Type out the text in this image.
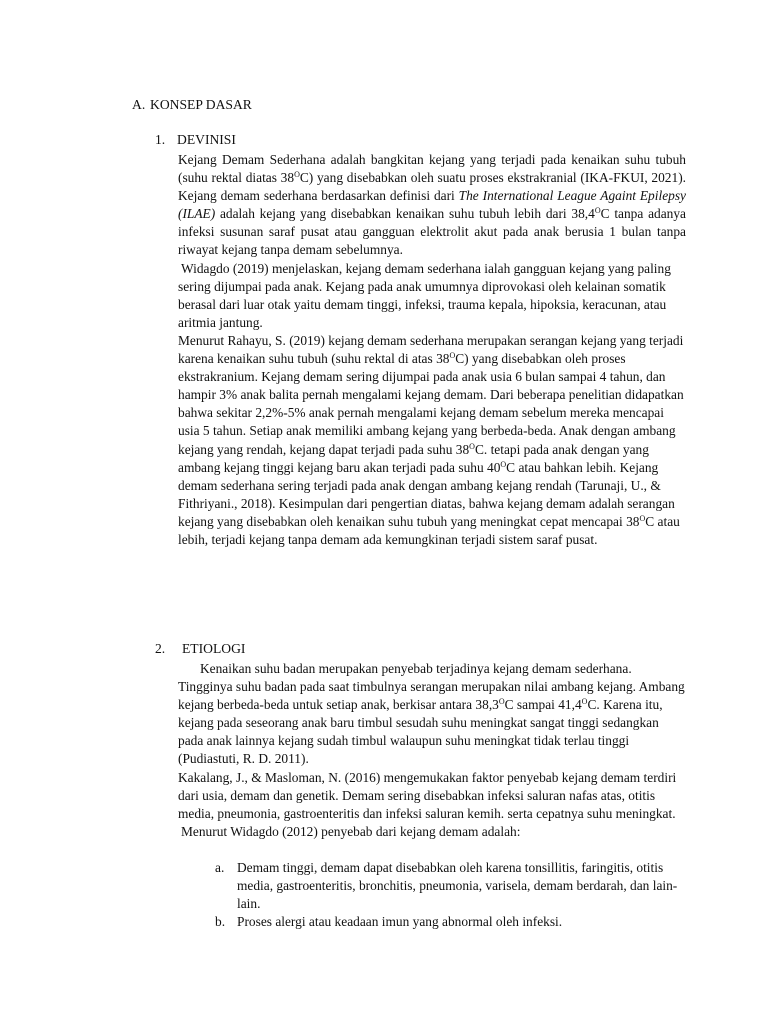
A. KONSEP DASAR
1. DEVINISI

Kejang Demam Sederhana adalah bangkitan kejang yang terjadi pada kenaikan suhu tubuh (suhu rektal diatas $38^OC$) yang disebabkan oleh suatu proses ekstrakranial (IKA-FKUI, 2021). Kejang demam sederhana berdasarkan definisi dari The International League Againt Epilepsy (ILAE) adalah kejang yang disebabkan kenaikan suhu tubuh lebih dari $38,4^OC$ tanpa adanya infeksi susunan saraf pusat atau gangguan elektrolit akut pada anak berusia 1 bulan tanpa riwayat kejang tanpa demam sebelumnya.

Widagdo (2019) menjelaskan, kejang demam sederhana ialah gangguan kejang yang paling sering dijumpai pada anak. Kejang pada anak umumnya diprovokasi oleh kelainan somatik berasal dari luar otak yaitu demam tinggi, infeksi, trauma kepala, hipoksia, keracunan, atau aritmia jantung.

Menurut Rahayu, S. (2019) kejang demam sederhana merupakan serangan kejang yang terjadi karena kenaikan suhu tubuh (suhu rektal di atas $38^OC$) yang disebabkan oleh proses ekstrakranium. Kejang demam sering dijumpai pada anak usia 6 bulan sampai 4 tahun, dan hampir 3% anak balita pernah mengalami kejang demam. Dari beberapa penelitian didapatkan bahwa sekitar 2,2%-5% anak pernah mengalami kejang demam sebelum mereka mencapai usia 5 tahun. Setiap anak memiliki ambang kejang yang berbeda-beda. Anak dengan ambang kejang yang rendah, kejang dapat terjadi pada suhu $38^OC$. tetapi pada anak dengan yang ambang kejang tinggi kejang baru akan terjadi pada suhu $40^OC$ atau bahkan lebih. Kejang demam sederhana sering terjadi pada anak dengan ambang kejang rendah (Tarunaji, U., & Fithriyani., 2018). Kesimpulan dari pengertian diatas, bahwa kejang demam adalah serangan kejang yang disebabkan oleh kenaikan suhu tubuh yang meningkat cepat mencapai $38^OC$ atau lebih, terjadi kejang tanpa demam ada kemungkinan terjadi sistem saraf pusat.

2. ETIOLOGI

Kenaikan suhu badan merupakan penyebab terjadinya kejang demam sederhana. Tingginya suhu badan pada saat timbulnya serangan merupakan nilai ambang kejang. Ambang kejang berbeda-beda untuk setiap anak, berkisar antara $38,3^OC$ sampai $41,4^OC$. Karena itu, kejang pada seseorang anak baru timbul sesudah suhu meningkat sangat tinggi sedangkan pada anak lainnya kejang sudah timbul walaupun suhu meningkat tidak terlau tinggi (Pudiastuti, R. D. 2011).

Kakalang, J., & Masloman, N. (2016) mengemukakan faktor penyebab kejang demam terdiri dari usia, demam dan genetik. Demam sering disebabkan infeksi saluran nafas atas, otitis media, pneumonia, gastroenteritis dan infeksi saluran kemih. serta cepatnya suhu meningkat.

Menurut Widagdo (2012) penyebab dari kejang demam adalah:

a. Demam tinggi, demam dapat disebabkan oleh karena tonsillitis, faringitis, otitis media, gastroenteritis, bronchitis, pneumonia, varisela, demam berdarah, dan lain-lain.
b. Proses alergi atau keadaan imun yang abnormal oleh infeksi.
